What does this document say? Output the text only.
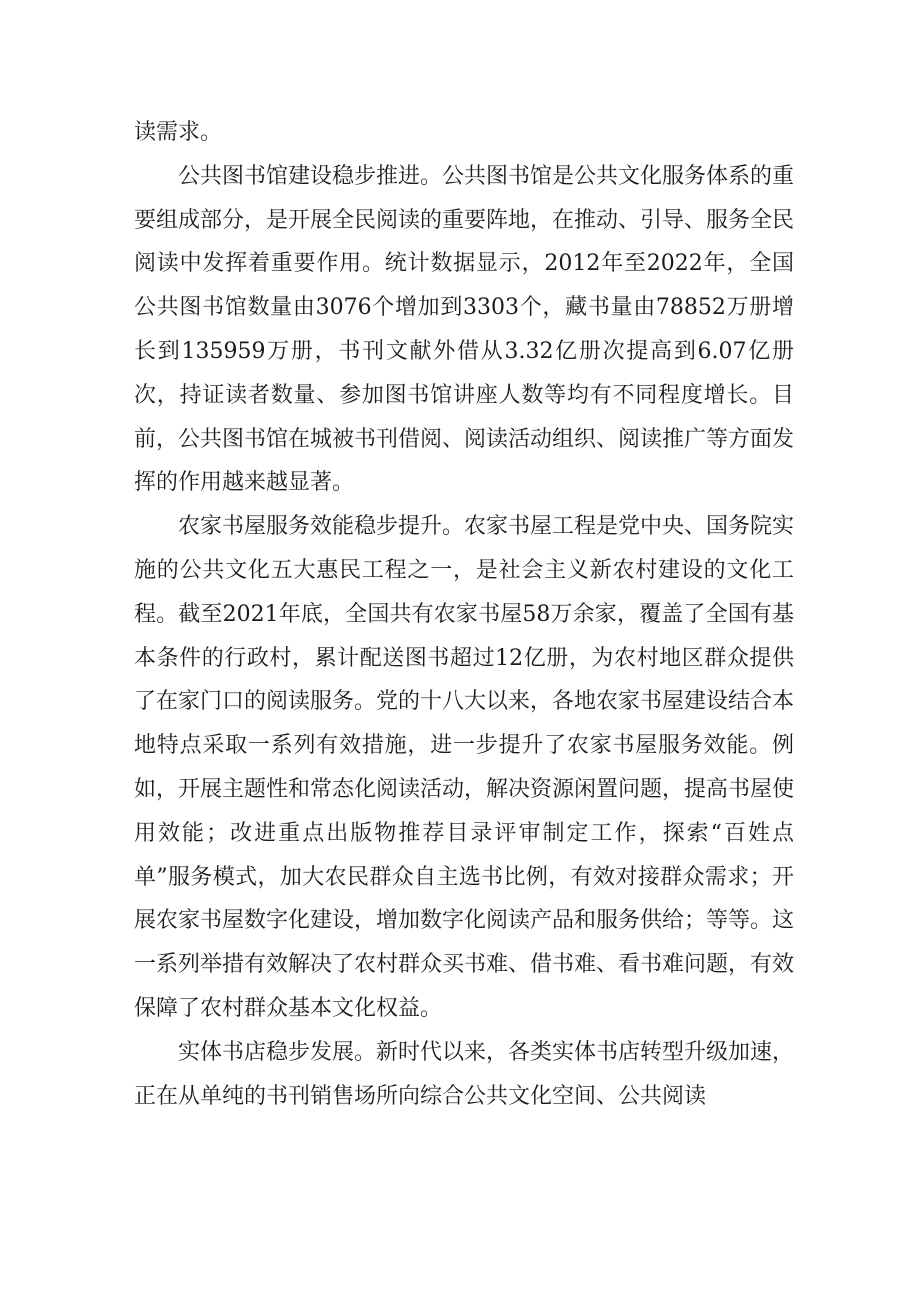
读需求。

公共图书馆建设稳步推进。公共图书馆是公共文化服务体系的重要组成部分，是开展全民阅读的重要阵地，在推动、引导、服务全民阅读中发挥着重要作用。统计数据显示，2012年至2022年，全国公共图书馆数量由3076个增加到3303个，藏书量由78852万册增长到135959万册，书刊文献外借从3.32亿册次提高到6.07亿册次，持证读者数量、参加图书馆讲座人数等均有不同程度增长。目前，公共图书馆在城被书刊借阅、阅读活动组织、阅读推广等方面发挥的作用越来越显著。

农家书屋服务效能稳步提升。农家书屋工程是党中央、国务院实施的公共文化五大惠民工程之一，是社会主义新农村建设的文化工程。截至2021年底，全国共有农家书屋58万余家，覆盖了全国有基本条件的行政村，累计配送图书超过12亿册，为农村地区群众提供了在家门口的阅读服务。党的十八大以来，各地农家书屋建设结合本地特点采取一系列有效措施，进一步提升了农家书屋服务效能。例如，开展主题性和常态化阅读活动，解决资源闲置问题，提高书屋使用效能；改进重点出版物推荐目录评审制定工作，探索“百姓点单”服务模式，加大农民群众自主选书比例，有效对接群众需求；开展农家书屋数字化建设，增加数字化阅读产品和服务供给；等等。这一系列举措有效解决了农村群众买书难、借书难、看书难问题，有效保障了农村群众基本文化权益。

实体书店稳步发展。新时代以来，各类实体书店转型升级加速，正在从单纯的书刊销售场所向综合公共文化空间、公共阅读
